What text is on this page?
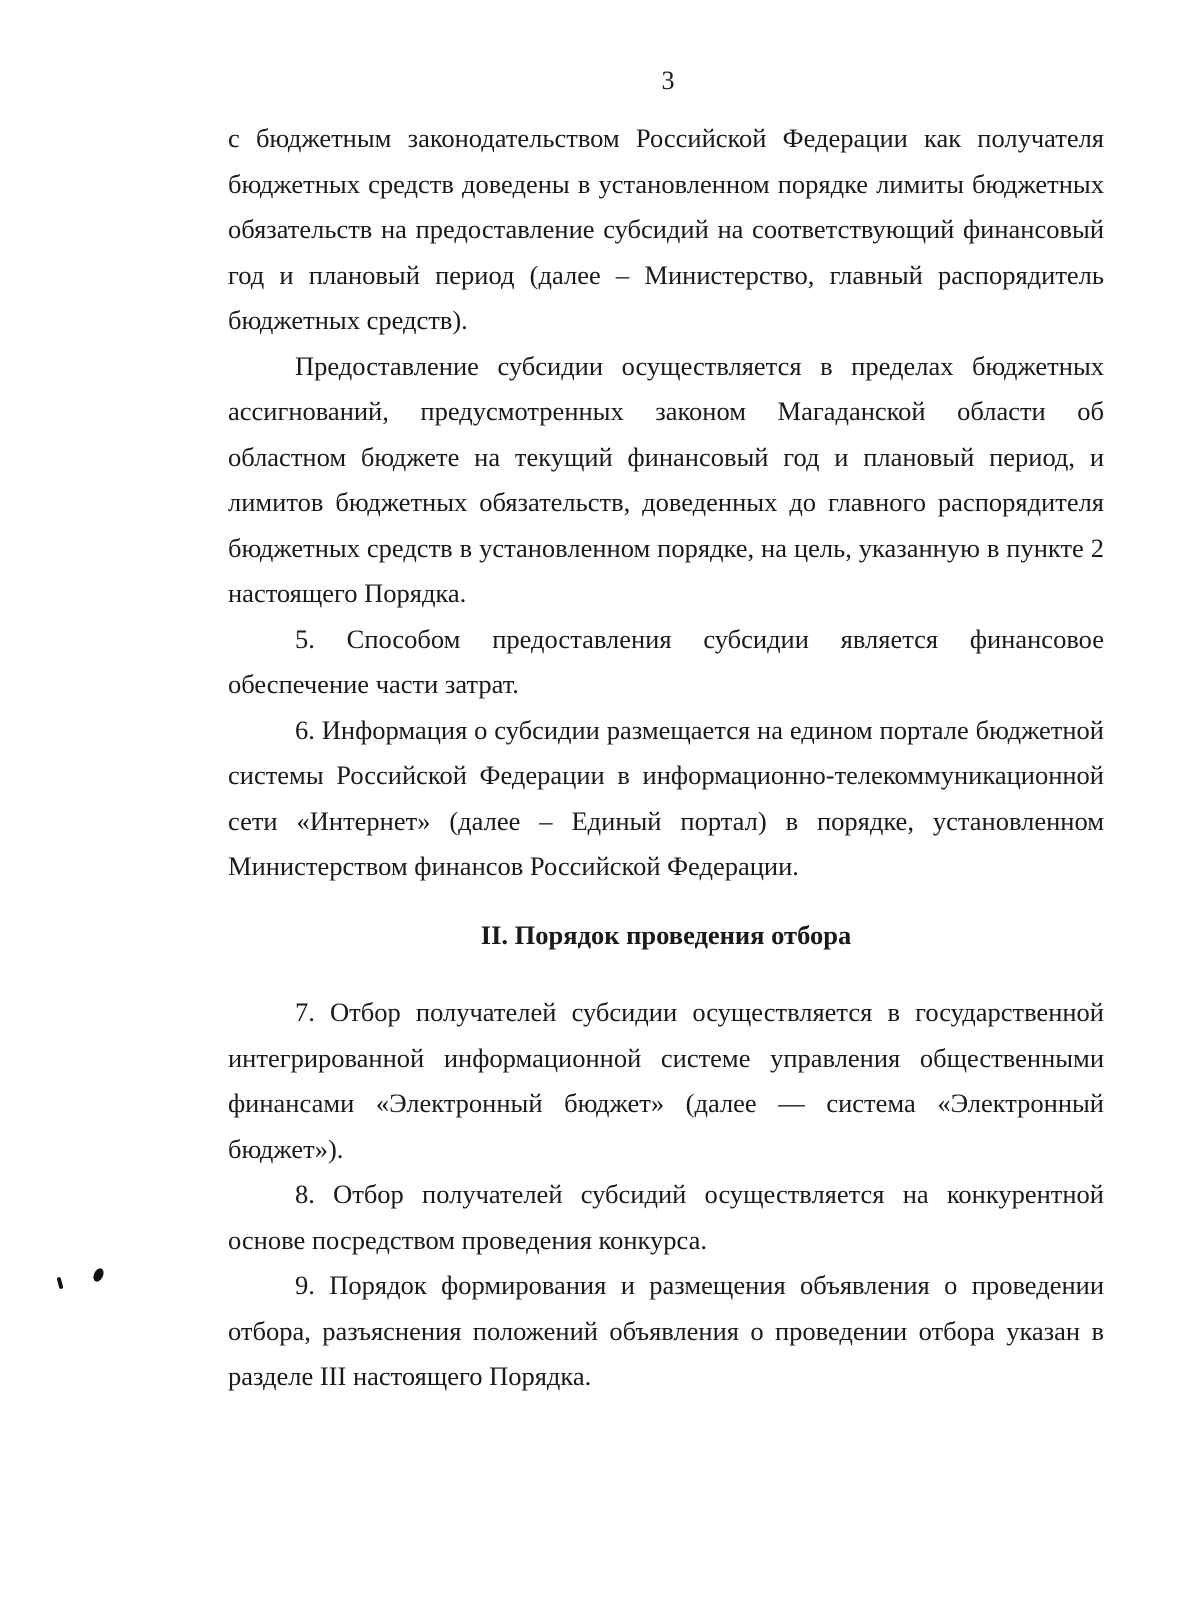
3

с бюджетным законодательством Российской Федерации как получателя бюджетных средств доведены в установленном порядке лимиты бюджетных обязательств на предоставление субсидий на соответствующий финансовый год и плановый период (далее – Министерство, главный распорядитель бюджетных средств).

Предоставление субсидии осуществляется в пределах бюджетных ассигнований, предусмотренных законом Магаданской области об областном бюджете на текущий финансовый год и плановый период, и лимитов бюджетных обязательств, доведенных до главного распорядителя бюджетных средств в установленном порядке, на цель, указанную в пункте 2 настоящего Порядка.

5. Способом предоставления субсидии является финансовое обеспечение части затрат.

6. Информация о субсидии размещается на едином портале бюджетной системы Российской Федерации в информационно-телекоммуникационной сети «Интернет» (далее – Единый портал) в порядке, установленном Министерством финансов Российской Федерации.

II. Порядок проведения отбора

7. Отбор получателей субсидии осуществляется в государственной интегрированной информационной системе управления общественными финансами «Электронный бюджет» (далее — система «Электронный бюджет»).

8. Отбор получателей субсидий осуществляется на конкурентной основе посредством проведения конкурса.

9. Порядок формирования и размещения объявления о проведении отбора, разъяснения положений объявления о проведении отбора указан в разделе III настоящего Порядка.
